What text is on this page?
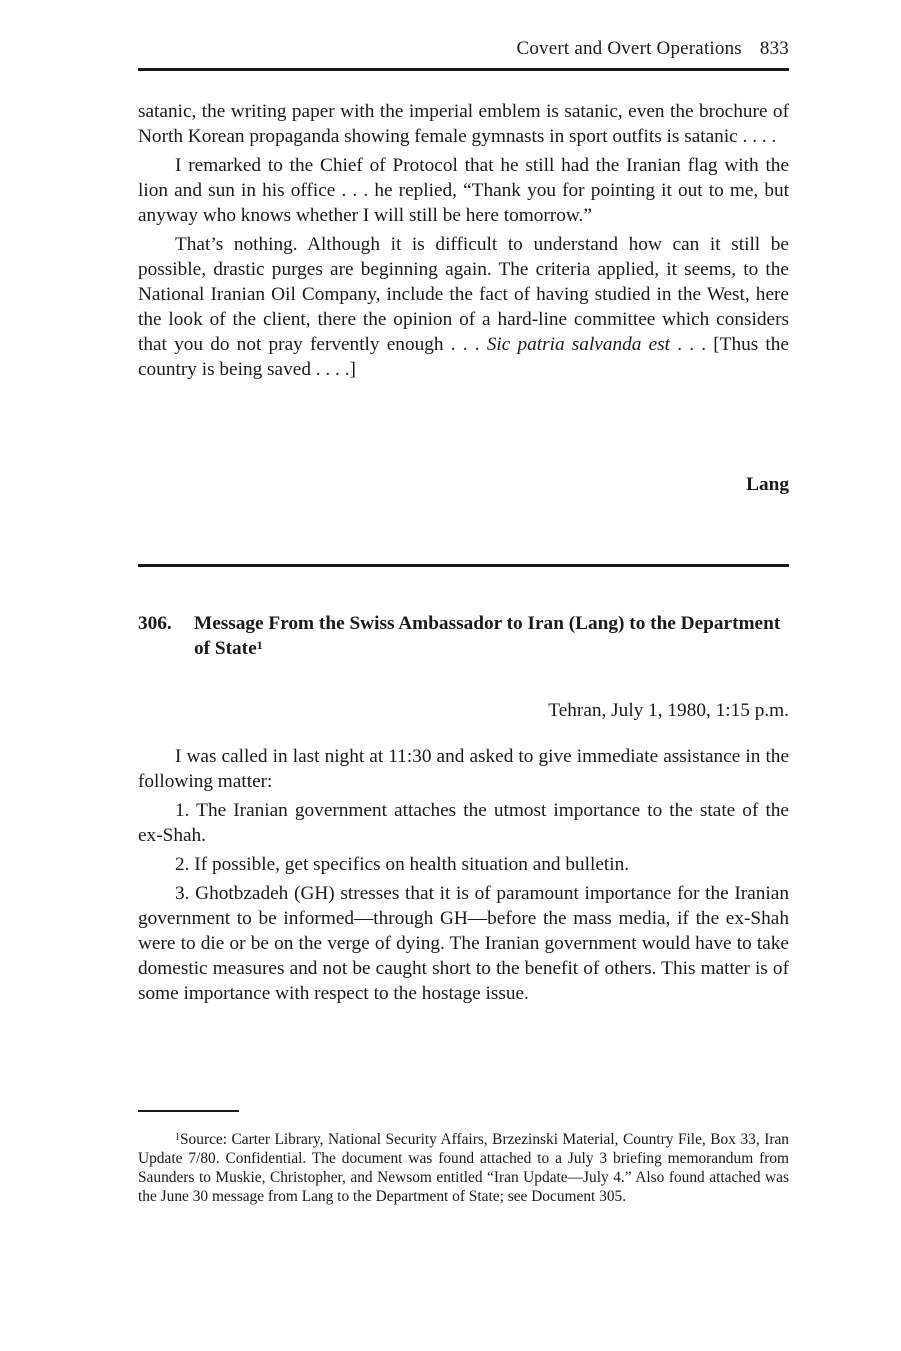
Covert and Overt Operations 833

satanic, the writing paper with the imperial emblem is satanic, even the brochure of North Korean propaganda showing female gymnasts in sport outfits is satanic . . . .

I remarked to the Chief of Protocol that he still had the Iranian flag with the lion and sun in his office . . . he replied, “Thank you for pointing it out to me, but anyway who knows whether I will still be here tomorrow.”

That’s nothing. Although it is difficult to understand how can it still be possible, drastic purges are beginning again. The criteria applied, it seems, to the National Iranian Oil Company, include the fact of having studied in the West, here the look of the client, there the opinion of a hard-line committee which considers that you do not pray fervently enough . . . Sic patria salvanda est . . . [Thus the country is being saved . . . .]

Lang
306. Message From the Swiss Ambassador to Iran (Lang) to the Department of State$^1$
Tehran, July 1, 1980, 1:15 p.m.

I was called in last night at 11:30 and asked to give immediate assistance in the following matter:

1. The Iranian government attaches the utmost importance to the state of the ex-Shah.

2. If possible, get specifics on health situation and bulletin.

3. Ghotbzadeh (GH) stresses that it is of paramount importance for the Iranian government to be informed—through GH—before the mass media, if the ex-Shah were to die or be on the verge of dying. The Iranian government would have to take domestic measures and not be caught short to the benefit of others. This matter is of some importance with respect to the hostage issue.

$^1$Source: Carter Library, National Security Affairs, Brzezinski Material, Country File, Box 33, Iran Update 7/80. Confidential. The document was found attached to a July 3 briefing memorandum from Saunders to Muskie, Christopher, and Newsom entitled “Iran Update—July 4.” Also found attached was the June 30 message from Lang to the Department of State; see Document 305.
